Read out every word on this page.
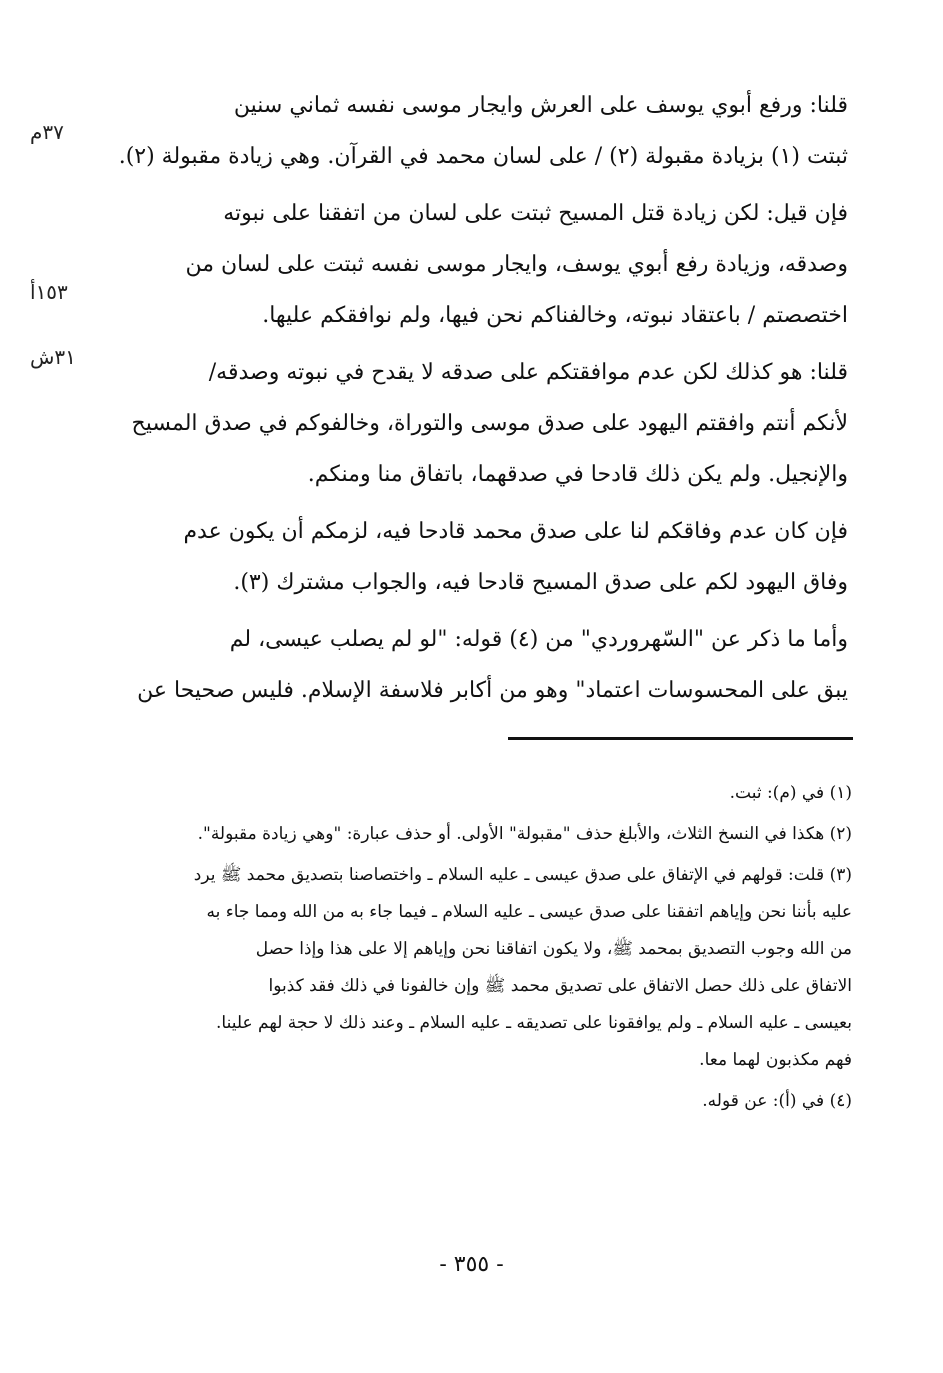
٣٧م
١٥٣أ
٣١ش

قلنا: ورفع أبوي يوسف على العرش وايجار موسى نفسه ثماني سنين
ثبتت (١) بزيادة مقبولة (٢) / على لسان محمد في القرآن. وهي زيادة مقبولة (٢).

فإن قيل: لكن زيادة قتل المسيح ثبتت على لسان من اتفقنا على نبوته
وصدقه، وزيادة رفع أبوي يوسف، وايجار موسى نفسه ثبتت على لسان من
اختصصتم / باعتقاد نبوته، وخالفناكم نحن فيها، ولم نوافقكم عليها.

قلنا: هو كذلك لكن عدم موافقتكم على صدقه لا يقدح في نبوته وصدقه/
لأنكم أنتم وافقتم اليهود على صدق موسى والتوراة، وخالفوكم في صدق المسيح
والإنجيل. ولم يكن ذلك قادحا في صدقهما، باتفاق منا ومنكم.

فإن كان عدم وفاقكم لنا على صدق محمد قادحا فيه، لزمكم أن يكون عدم
وفاق اليهود لكم على صدق المسيح قادحا فيه، والجواب مشترك (٣).

وأما ما ذكر عن "السّهروردي" من (٤) قوله: "لو لم يصلب عيسى، لم
يبق على المحسوسات اعتماد" وهو من أكابر فلاسفة الإسلام. فليس صحيحا عن

(١) في (م): ثبت.

(٢) هكذا في النسخ الثلاث، والأبلغ حذف "مقبولة" الأولى. أو حذف عبارة: "وهي زيادة مقبولة".

(٣) قلت: قولهم في الإتفاق على صدق عيسى ـ عليه السلام ـ واختصاصنا بتصديق محمد ﷺ يرد
عليه بأننا نحن وإياهم اتفقنا على صدق عيسى ـ عليه السلام ـ فيما جاء به من الله ومما جاء به
من الله وجوب التصديق بمحمد ﷺ، ولا يكون اتفاقنا نحن وإياهم إلا على هذا وإذا حصل
الاتفاق على ذلك حصل الاتفاق على تصديق محمد ﷺ وإن خالفونا في ذلك فقد كذبوا
بعيسى ـ عليه السلام ـ ولم يوافقونا على تصديقه ـ عليه السلام ـ وعند ذلك لا حجة لهم علينا.
فهم مكذبون لهما معا.

(٤) في (أ): عن قوله.

- ٣٥٥ -
